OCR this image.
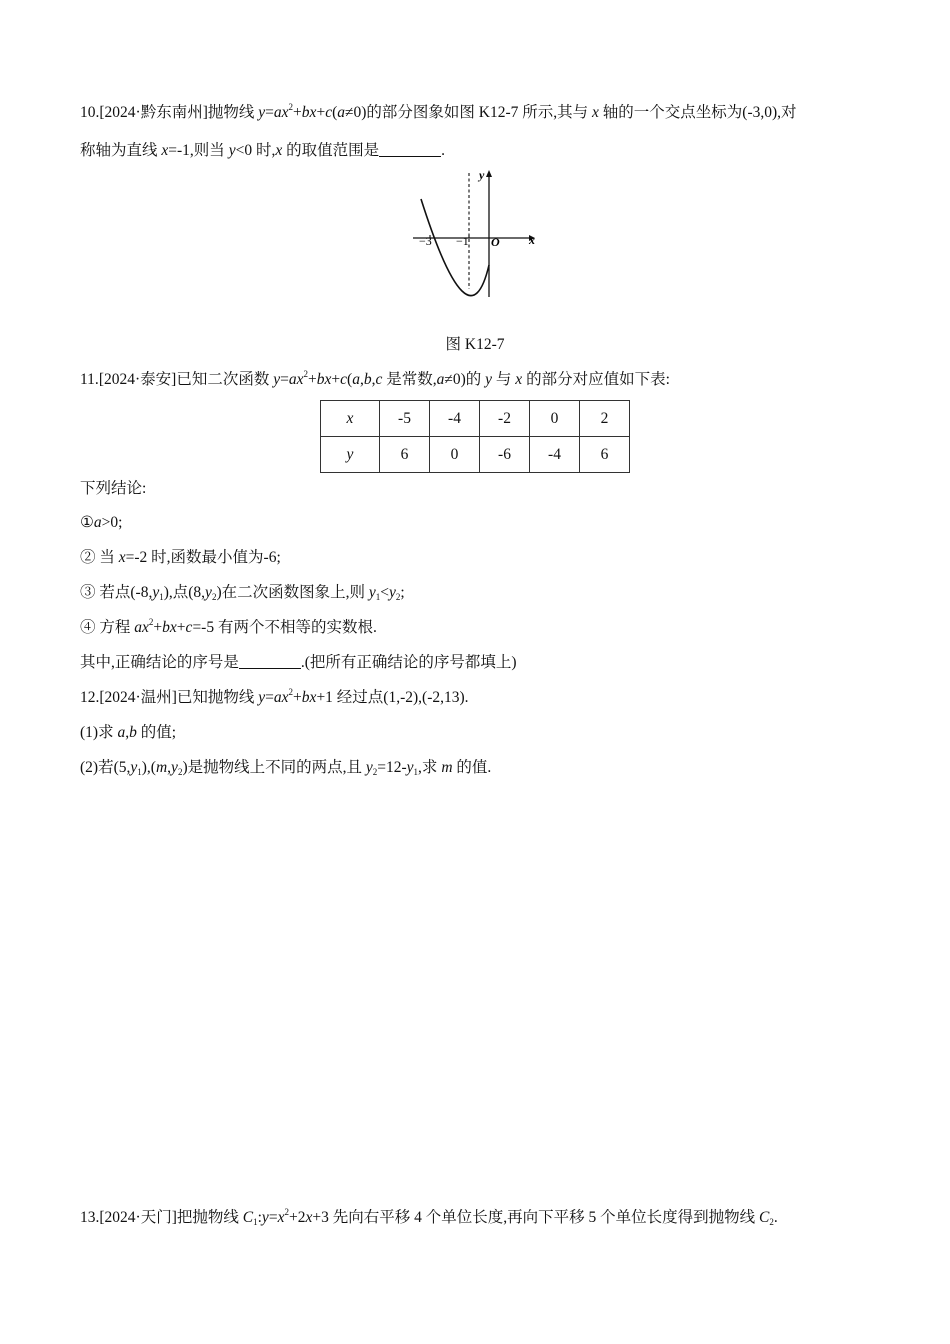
10.[2024·黔东南州]抛物线 $y=ax^2+bx+c(a\ne 0)$的部分图象如图 K12-7 所示,其与 x 轴的一个交点坐标为(-3,0),对
称轴为直线 x=-1,则当 y<0 时,x 的取值范围是	.
y
x
O
−3 −1
图 K12-7
11.[2024·泰安]已知二次函数 $y=ax^2+bx+c(a,b,c$ 是常数,a≠0)的 y 与 x 的部分对应值如下表:
x	-5	-4	-2	0	2
y	6	0	-6	-4	6
下列结论:
①a>0;
② 当 x=-2 时,函数最小值为-6;
③ 若点$(-8,y_1)$,点$(8,y_2)$在二次函数图象上,则 $y_1<y_2$;
④ 方程 $ax^2+bx+c=-5$ 有两个不相等的实数根.
其中,正确结论的序号是	.(把所有正确结论的序号都填上)
12.[2024·温州]已知抛物线 $y=ax^2+bx+1$ 经过点(1,-2),(-2,13).
(1)求 a,b 的值;
(2)若$(5,y_1),(m,y_2)$是抛物线上不同的两点,且 $y_2=12-y_1$,求 m 的值.
13.[2024·天门]把抛物线 $C_1:y=x^2+2x+3$ 先向右平移 4 个单位长度,再向下平移 5 个单位长度得到抛物线 $C_2$.
